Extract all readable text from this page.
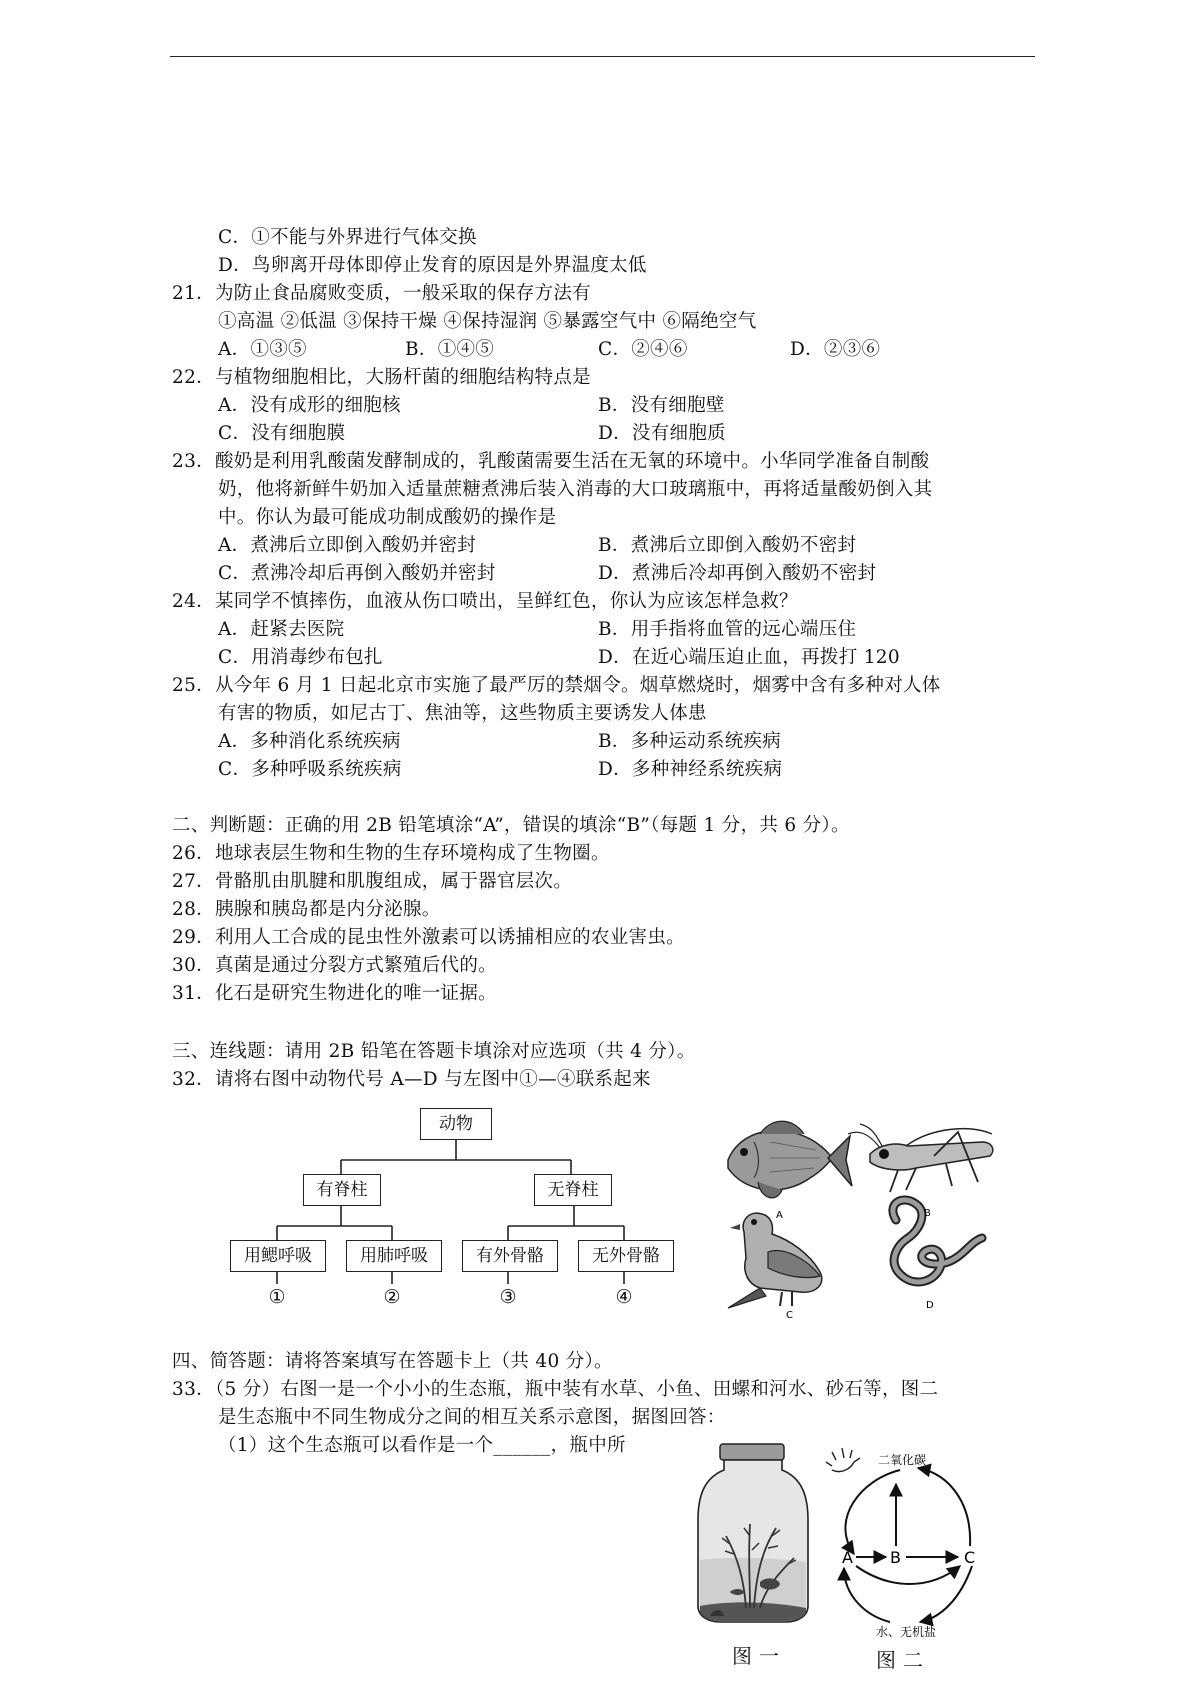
C．①不能与外界进行气体交换
D．鸟卵离开母体即停止发育的原因是外界温度太低
21．为防止食品腐败变质，一般采取的保存方法有
①高温 ②低温 ③保持干燥 ④保持湿润 ⑤暴露空气中 ⑥隔绝空气
A．①③⑤	B．①④⑤	C．②④⑥	D．②③⑥
22．与植物细胞相比，大肠杆菌的细胞结构特点是
A．没有成形的细胞核	B．没有细胞壁
C．没有细胞膜	D．没有细胞质
23．酸奶是利用乳酸菌发酵制成的，乳酸菌需要生活在无氧的环境中。小华同学准备自制酸
奶，他将新鲜牛奶加入适量蔗糖煮沸后装入消毒的大口玻璃瓶中，再将适量酸奶倒入其
中。你认为最可能成功制成酸奶的操作是
A．煮沸后立即倒入酸奶并密封	B．煮沸后立即倒入酸奶不密封
C．煮沸冷却后再倒入酸奶并密封	D．煮沸后冷却再倒入酸奶不密封
24．某同学不慎摔伤，血液从伤口喷出，呈鲜红色，你认为应该怎样急救？
A．赶紧去医院	B．用手指将血管的远心端压住
C．用消毒纱布包扎	D．在近心端压迫止血，再拨打 120
25．从今年 6 月 1 日起北京市实施了最严厉的禁烟令。烟草燃烧时，烟雾中含有多种对人体
有害的物质，如尼古丁、焦油等，这些物质主要诱发人体患
A．多种消化系统疾病	B．多种运动系统疾病
C．多种呼吸系统疾病	D．多种神经系统疾病
二、判断题：正确的用 2B 铅笔填涂“A”，错误的填涂“B”（每题 1 分，共 6 分）。
26．地球表层生物和生物的生存环境构成了生物圈。
27．骨骼肌由肌腱和肌腹组成，属于器官层次。
28．胰腺和胰岛都是内分泌腺。
29．利用人工合成的昆虫性外激素可以诱捕相应的农业害虫。
30．真菌是通过分裂方式繁殖后代的。
31．化石是研究生物进化的唯一证据。
三、连线题：请用 2B 铅笔在答题卡填涂对应选项（共 4 分）。
32．请将右图中动物代号 A—D 与左图中①—④联系起来
动物
有脊柱	无脊柱
用鳃呼吸	用肺呼吸	有外骨骼	无外骨骼
①	②	③	④
A	B
C
D
四、简答题：请将答案填写在答题卡上（共 40 分）。
33．（5 分）右图一是一个小小的生态瓶，瓶中装有水草、小鱼、田螺和河水、砂石等，图二
是生态瓶中不同生物成分之间的相互关系示意图，据图回答：
（1）这个生态瓶可以看作是一个______，瓶中所
图 一
二氧化碳
A B	C
水、无机盐
图 二
